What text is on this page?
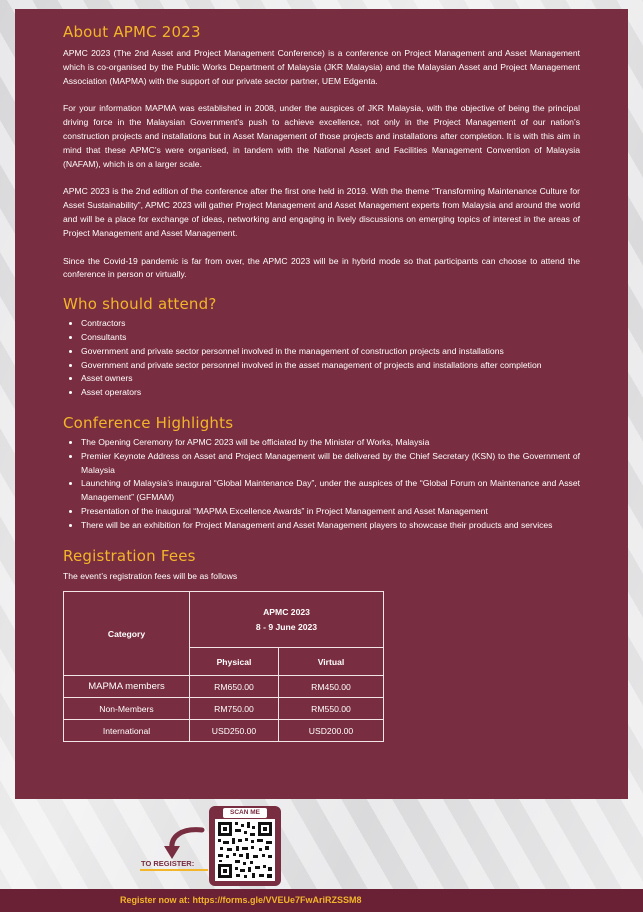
About APMC 2023

APMC 2023 (The 2nd Asset and Project Management Conference) is a conference on Project Management and Asset Management which is co-organised by the Public Works Department of Malaysia (JKR Malaysia) and the Malaysian Asset and Project Management Association (MAPMA) with the support of our private sector partner, UEM Edgenta.

For your information MAPMA was established in 2008, under the auspices of JKR Malaysia, with the objective of being the principal driving force in the Malaysian Government’s push to achieve excellence, not only in the Project Management of our nation’s construction projects and installations but in Asset Management of those projects and installations after completion. It is with this aim in mind that these APMC’s were organised, in tandem with the National Asset and Facilities Management Convention of Malaysia (NAFAM), which is on a larger scale.

APMC 2023 is the 2nd edition of the conference after the first one held in 2019. With the theme “Transforming Maintenance Culture for Asset Sustainability”, APMC 2023 will gather Project Management and Asset Management experts from Malaysia and around the world and will be a place for exchange of ideas, networking and engaging in lively discussions on emerging topics of interest in the areas of Project Management and Asset Management.

Since the Covid-19 pandemic is far from over, the APMC 2023 will be in hybrid mode so that participants can choose to attend the conference in person or virtually.

Who should attend?
• Contractors
• Consultants
• Government and private sector personnel involved in the management of construction projects and installations
• Government and private sector personnel involved in the asset management of projects and installations after completion
• Asset owners
• Asset operators
Conference Highlights
• The Opening Ceremony for APMC 2023 will be officiated by the Minister of Works, Malaysia
• Premier Keynote Address on Asset and Project Management will be delivered by the Chief Secretary (KSN) to the Government of Malaysia
• Launching of Malaysia’s inaugural “Global Maintenance Day”, under the auspices of the “Global Forum on Maintenance and Asset Management” (GFMAM)
• Presentation of the inaugural “MAPMA Excellence Awards” in Project Management and Asset Management
• There will be an exhibition for Project Management and Asset Management players to showcase their products and services
Registration Fees

The event’s registration fees will be as follows

Category	APMC 2023
8 - 9 June 2023	

	Physical	Virtual
MAPMA members	RM650.00	RM450.00
Non-Members	RM750.00	RM550.00
International	USD250.00	USD200.00
TO REGISTER:
SCAN ME
Register now at: https://forms.gle/VVEUe7FwAriRZSSM8
